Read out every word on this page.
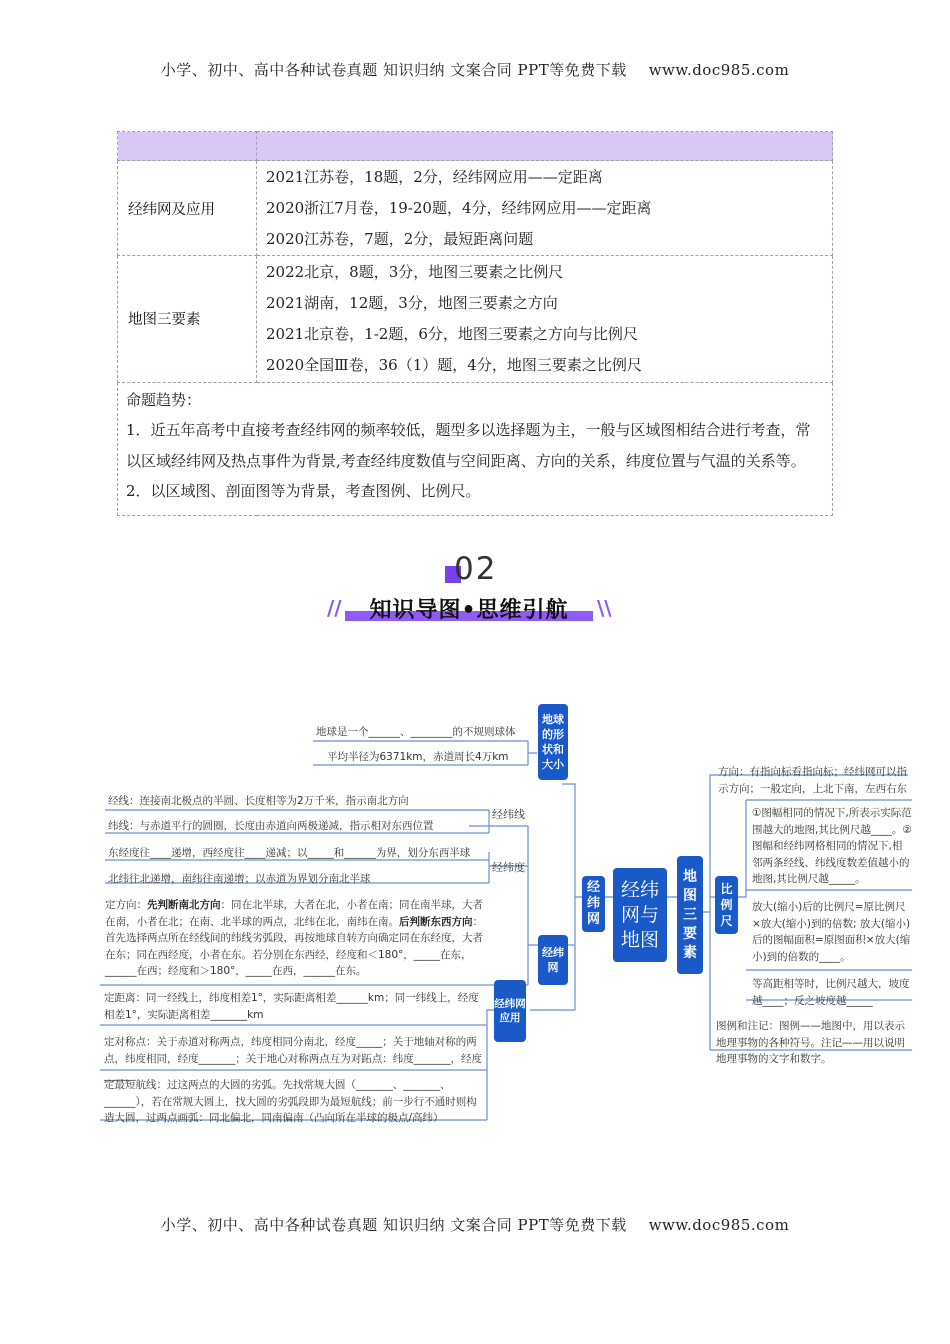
小学、初中、高中各种试卷真题 知识归纳 文案合同 PPT等免费下载 www.doc985.com
小学、初中、高中各种试卷真题 知识归纳 文案合同 PPT等免费下载 www.doc985.com

经纬网及应用	2021江苏卷，18题，2分，经纬网应用——定距离
2020浙江7月卷，19-20题，4分，经纬网应用——定距离
2020江苏卷，7题，2分，最短距离问题

地图三要素	2022北京，8题，3分，地图三要素之比例尺
2021湖南，12题，3分，地图三要素之方向
2021北京卷，1-2题，6分，地图三要素之方向与比例尺
2020全国Ⅲ卷，36（1）题，4分，地图三要素之比例尺

命题趋势：
1．近五年高考中直接考查经纬网的频率较低，题型多以选择题为主，一般与区域图相结合进行考查，常以区域经纬网及热点事件为背景,考查经纬度数值与空间距离、方向的关系，纬度位置与气温的关系等。
2．以区域图、剖面图等为背景，考查图例、比例尺。	
02
//	知识导图•思维引航	\\
地球的形状和大小
地球是一个______、________的不规则球体
平均半径为6371km，赤道周长4万km
经纬网
经纬线
经纬度
经线：连接南北极点的半圆、长度相等为2万千米，指示南北方向
纬线：与赤道平行的圆圈，长度由赤道向两极递减，指示相对东西位置
东经度往____递增，西经度往____递减；以_____和______为界，划分东西半球
北纬往北递增，南纬往南递增；以赤道为界划分南北半球
定方向：先判断南北方向：同在北半球，大者在北，小者在南；同在南半球，大者在南，小者在北；在南、北半球的两点，北纬在北，南纬在南。后判断东西方向：首先选择两点所在经线间的纬线劣弧段，再按地球自转方向确定同在东经度，大者在东；同在西经度，小者在东。若分别在东西经，经度和＜180°，_____在东，______在西；经度和＞180°，_____在西，______在东。
经纬网应用
定距离：同一经线上，纬度相差1°，实际距离相差______km；同一纬线上，经度相差1°，实际距离相差_______km
定对称点：关于赤道对称两点，纬度相同分南北，经度_____；关于地轴对称的两点，纬度相同，经度_______；关于地心对称两点互为对跖点：纬度_______，经度______
定最短航线：过这两点的大圆的劣弧。先找常规大圆（_______、_______、______），若在常规大圆上，找大圆的劣弧段即为最短航线；前一步行不通时则构造大圆，过两点画弧：同北偏北，同南偏南（凸向所在半球的极点/高纬）
经纬网
经纬网与地图
地图三要素
方向：有指向标看指向标；经纬网可以指示方向；一般定向，上北下南，左西右东
比例尺
①图幅相同的情况下,所表示实际范围越大的地图,其比例尺越____。②图幅和经纬网格相同的情况下,相邻两条经线、纬线度数差值越小的地图,其比例尺越_____。
放大(缩小)后的比例尺=原比例尺×放大(缩小)到的倍数; 放大(缩小)后的图幅面积=原图面积×放大(缩小)到的倍数的____。
等高距相等时，比例尺越大，坡度越____；反之坡度越_____
图例和注记：图例——地图中，用以表示地理事物的各种符号。注记——用以说明地理事物的文字和数字。
